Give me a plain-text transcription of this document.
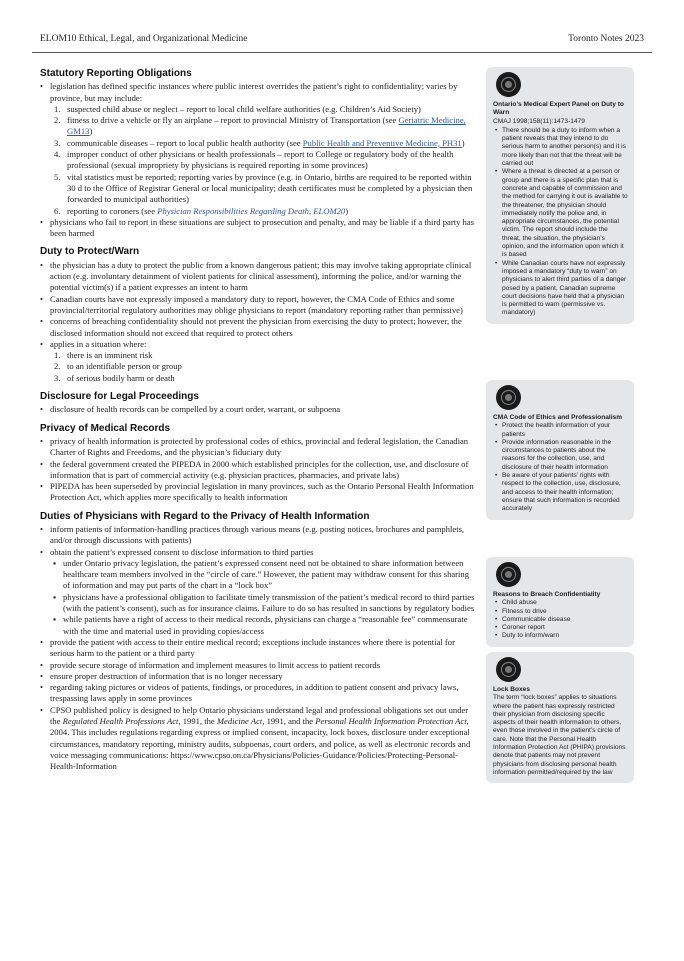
ELOM10 Ethical, Legal, and Organizational Medicine	Toronto Notes 2023
Statutory Reporting Obligations
• legislation has defined specific instances where public interest overrides the patient’s right to confidentiality; varies by province, but may include:
1. suspected child abuse or neglect – report to local child welfare authorities (e.g. Children’s Aid Society)
2. fitness to drive a vehicle or fly an airplane – report to provincial Ministry of Transportation (see Geriatric Medicine, GM13)
3. communicable diseases – report to local public health authority (see Public Health and Preventive Medicine, PH31)
4. improper conduct of other physicians or health professionals – report to College or regulatory body of the health professional (sexual impropriety by physicians is required reporting in some provinces)
5. vital statistics must be reported; reporting varies by province (e.g. in Ontario, births are required to be reported within 30 d to the Office of Registrar General or local municipality; death certificates must be completed by a physician then forwarded to municipal authorities)
6. reporting to coroners (see Physician Responsibilities Regarding Death, ELOM20)
• physicians who fail to report in these situations are subject to prosecution and penalty, and may be liable if a third party has been harmed
Duty to Protect/Warn
• the physician has a duty to protect the public from a known dangerous patient; this may involve taking appropriate clinical action (e.g. involuntary detainment of violent patients for clinical assessment), informing the police, and/or warning the potential victim(s) if a patient expresses an intent to harm
• Canadian courts have not expressly imposed a mandatory duty to report, however, the CMA Code of Ethics and some provincial/territorial regulatory authorities may oblige physicians to report (mandatory reporting rather than permissive)
• concerns of breaching confidentiality should not prevent the physician from exercising the duty to protect; however, the disclosed information should not exceed that required to protect others
• applies in a situation where:
1. there is an imminent risk
2. to an identifiable person or group
3. of serious bodily harm or death
Disclosure for Legal Proceedings
• disclosure of health records can be compelled by a court order, warrant, or subpoena
Privacy of Medical Records
• privacy of health information is protected by professional codes of ethics, provincial and federal legislation, the Canadian Charter of Rights and Freedoms, and the physician’s fiduciary duty
• the federal government created the PIPEDA in 2000 which established principles for the collection, use, and disclosure of information that is part of commercial activity (e.g. physician practices, pharmacies, and private labs)
• PIPEDA has been superseded by provincial legislation in many provinces, such as the Ontario Personal Health Information Protection Act, which applies more specifically to health information
Duties of Physicians with Regard to the Privacy of Health Information
• inform patients of information-handling practices through various means (e.g. posting notices, brochures and pamphlets, and/or through discussions with patients)
• obtain the patient’s expressed consent to disclose information to third parties
▪ under Ontario privacy legislation, the patient’s expressed consent need not be obtained to share information between healthcare team members involved in the “circle of care.” However, the patient may withdraw consent for this sharing of information and may put parts of the chart in a “lock box”
▪ physicians have a professional obligation to facilitate timely transmission of the patient’s medical record to third parties (with the patient’s consent), such as for insurance claims. Failure to do so has resulted in sanctions by regulatory bodies
▪ while patients have a right of access to their medical records, physicians can charge a “reasonable fee” commensurate with the time and material used in providing copies/access
• provide the patient with access to their entire medical record; exceptions include instances where there is potential for serious harm to the patient or a third party
• provide secure storage of information and implement measures to limit access to patient records
• ensure proper destruction of information that is no longer necessary
• regarding taking pictures or videos of patients, findings, or procedures, in addition to patient consent and privacy laws, trespassing laws apply in some provinces
• CPSO published policy is designed to help Ontario physicians understand legal and professional obligations set out under the Regulated Health Professions Act, 1991, the Medicine Act, 1991, and the Personal Health Information Protection Act, 2004. This includes regulations regarding express or implied consent, incapacity, lock boxes, disclosure under exceptional circumstances, mandatory reporting, ministry audits, subpoenas, court orders, and police, as well as electronic records and voice messaging communications: https://www.cpso.on.ca/Physicians/Policies-Guidance/Policies/Protecting-Personal-Health-Information
Ontario’s Medical Expert Panel on Duty to Warn
CMAJ 1998;158(11):1473-1479
• There should be a duty to inform when a patient reveals that they intend to do serious harm to another person(s) and it is more likely than not that the threat will be carried out
• Where a threat is directed at a person or group and there is a specific plan that is concrete and capable of commission and the method for carrying it out is available to the threatener, the physician should immediately notify the police and, in appropriate circumstances, the potential victim. The report should include the threat, the situation, the physician’s opinion, and the information upon which it is based
• While Canadian courts have not expressly imposed a mandatory “duty to warn” on physicians to alert third parties of a danger posed by a patient, Canadian supreme court decisions have held that a physician is permitted to warn (permissive vs. mandatory)
CMA Code of Ethics and Professionalism
• Protect the health information of your patients
• Provide information reasonable in the circumstances to patients about the reasons for the collection, use, and disclosure of their health information
• Be aware of your patients’ rights with respect to the collection, use, disclosure, and access to their health information; ensure that such information is recorded accurately
Reasons to Breach Confidentiality
• Child abuse
• Fitness to drive
• Communicable disease
• Coroner report
• Duty to inform/warn
Lock Boxes

The term “lock boxes” applies to situations where the patient has expressly restricted their physician from disclosing specific aspects of their health information to others, even those involved in the patient’s circle of care. Note that the Personal Health Information Protection Act (PHIPA) provisions denote that patients may not prevent physicians from disclosing personal health information permitted/required by the law
